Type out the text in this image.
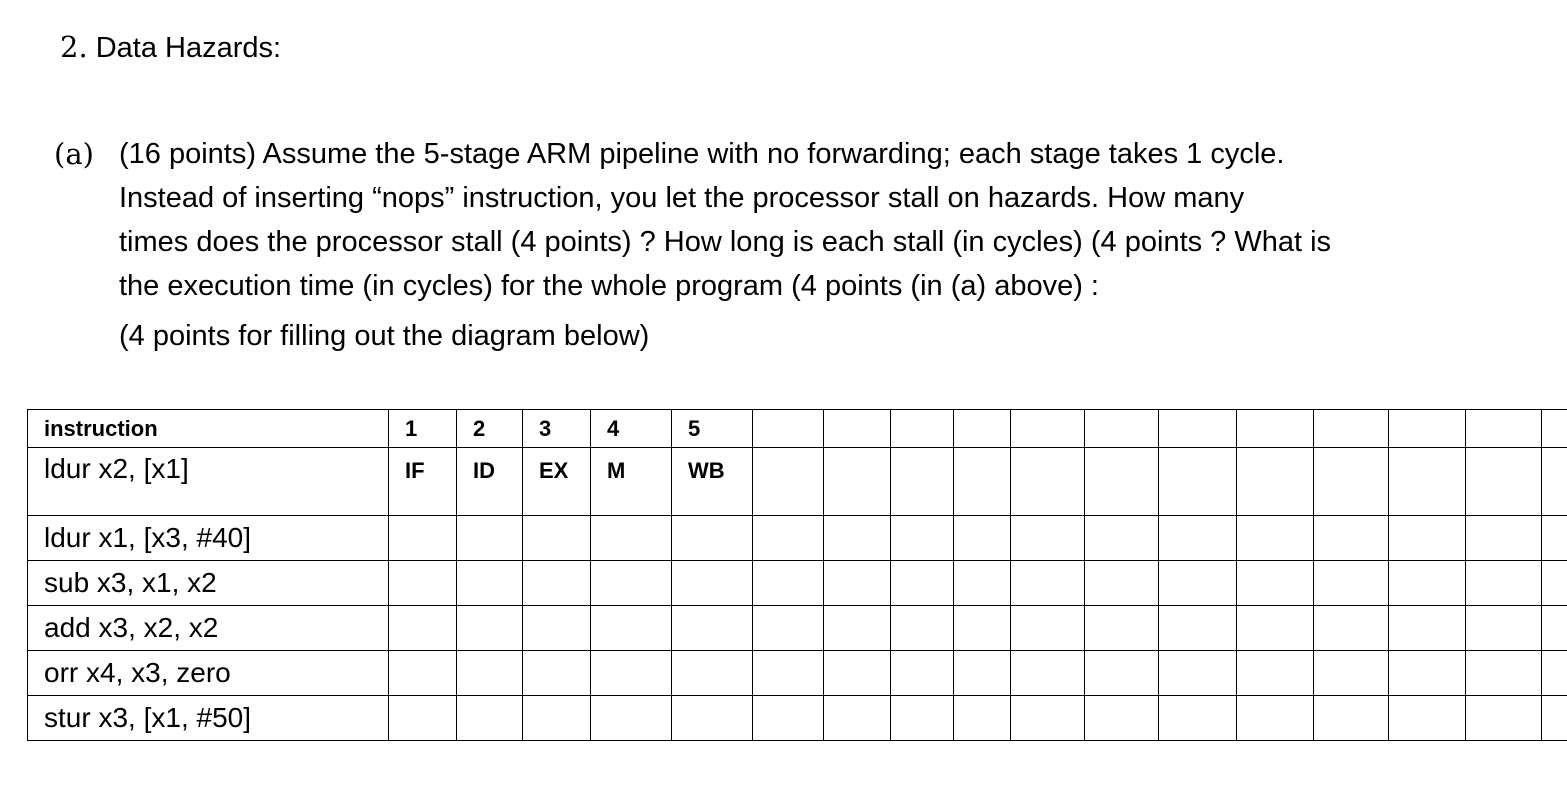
2. Data Hazards:
(a) (16 points) Assume the 5-stage ARM pipeline with no forwarding; each stage takes 1 cycle.
Instead of inserting “nops” instruction, you let the processor stall on hazards. How many
times does the processor stall (4 points) ? How long is each stall (in cycles) (4 points ? What is
the execution time (in cycles) for the whole program (4 points (in (a) above) :
(4 points for filling out the diagram below)
instruction	1	2	3	4	5												
ldur x2, [x1]	IF	ID	EX	M	WB												
ldur x1, [x3, #40]																	
sub x3, x1, x2																	
add x3, x2, x2																	
orr x4, x3, zero																	
stur x3, [x1, #50]																	
